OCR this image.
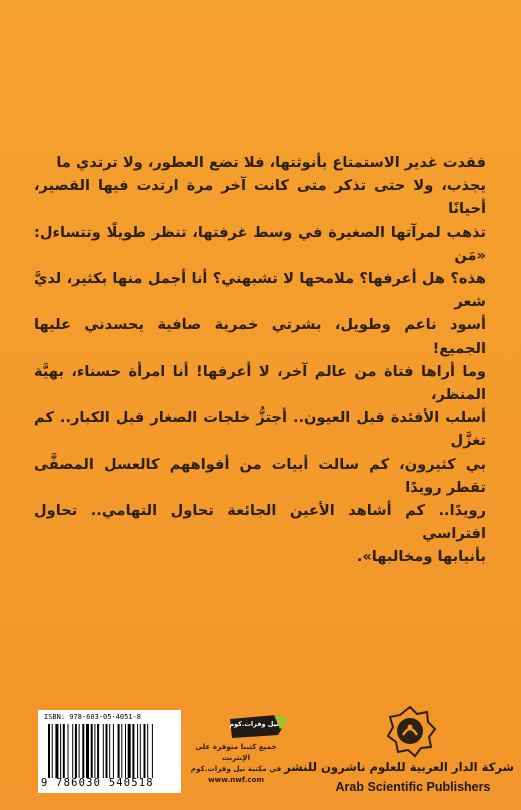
فقدت غدير الاستمتاع بأنوثتها، فلا تضع العطور، ولا ترتدي ما

يجذب، ولا حتى تذكر متى كانت آخر مرة ارتدت فيها القصير، أحيانًا

تذهب لمرآتها الصغيرة في وسط غرفتها، تنظر طويلًا وتتساءل: «مَن

هذه؟ هل أعرفها؟ ملامحها لا تشبهني؟ أنا أجمل منها بكثير، لديَّ شعر

أسود ناعم وطويل، بشرتي خمرية صافية يحسدني عليها الجميع!

وما أراها فتاة من عالم آخر، لا أعرفها! أنا امرأة حسناء، بهيَّة المنظر،

أسلب الأفئدة قبل العيون.. أجتزُّ خلجات الصغار قبل الكبار.. كم تغزَّل

بي كثيرون، كم سالت أبيات من أفواههم كالعسل المصفَّى تقطر رويدًا

رويدًا.. كم أشاهد الأعين الجائعة تحاول التهامي.. تحاول افتراسي

بأنيابها ومخالبها».

ISBN: 978-603-05-4051-8
9 786030 540518
نيل وفرات.كوم
جميع كتبنا متوفرة على الإنترنت
في مكتبة نيل وفرات.كوم
www.nwf.com
شركة الدار العربية للعلوم ناشرون للنشر
Arab Scientific Publishers
